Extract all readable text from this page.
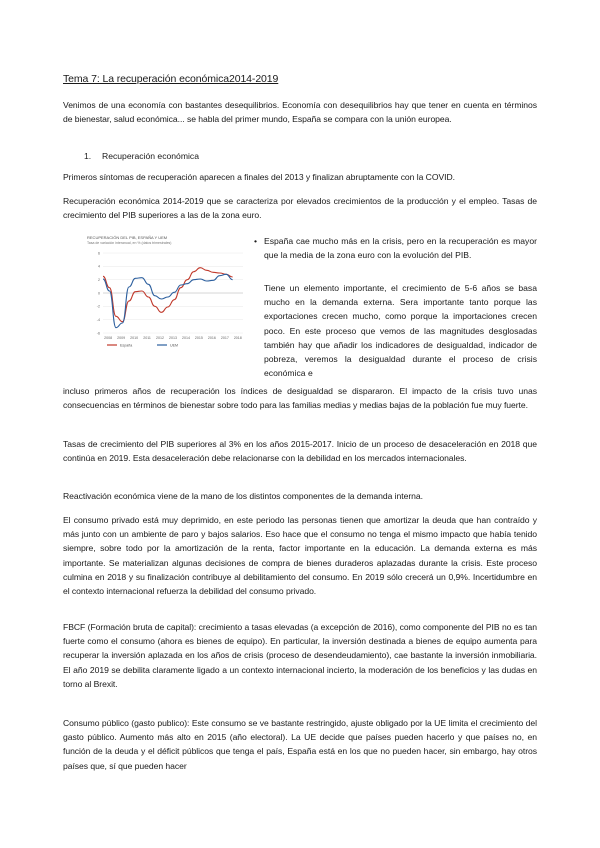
Tema 7: La recuperación económica2014-2019
Venimos de una economía con bastantes desequilibrios. Economía con desequilibrios hay que tener en cuenta en términos de bienestar, salud económica... se habla del primer mundo, España se compara con la unión europea.
1. Recuperación económica
Primeros síntomas de recuperación aparecen a finales del 2013 y finalizan abruptamente con la COVID.
Recuperación económica 2014-2019 que se caracteriza por elevados crecimientos de la producción y el empleo. Tasas de crecimiento del PIB superiores a las de la zona euro.
RECUPERACIÓN DEL PIB, ESPAÑA Y UEM
Tasa de variación interanual, en % (datos trimestrales)
6
4
2
0
-2
-4
-6
2008 2009 2010 2011 2012 2013 2014 2015 2016 2017 2018
España	UEM
• España cae mucho más en la crisis, pero en la recuperación es mayor que la media de la zona euro con la evolución del PIB.
Tiene un elemento importante, el crecimiento de 5-6 años se basa mucho en la demanda externa. Sera importante tanto porque las exportaciones crecen mucho, como porque la importaciones crecen poco. En este proceso que vemos de las magnitudes desglosadas también hay que añadir los indicadores de desigualdad, indicador de pobreza, veremos la desigualdad durante el proceso de crisis económica e
incluso primeros años de recuperación los índices de desigualdad se dispararon. El impacto de la crisis tuvo unas consecuencias en términos de bienestar sobre todo para las familias medias y medias bajas de la población fue muy fuerte.
Tasas de crecimiento del PIB superiores al 3% en los años 2015-2017. Inicio de un proceso de desaceleración en 2018 que continúa en 2019. Esta desaceleración debe relacionarse con la debilidad en los mercados internacionales.
Reactivación económica viene de la mano de los distintos componentes de la demanda interna.
El consumo privado está muy deprimido, en este periodo las personas tienen que amortizar la deuda que han contraído y más junto con un ambiente de paro y bajos salarios. Eso hace que el consumo no tenga el mismo impacto que había tenido siempre, sobre todo por la amortización de la renta, factor importante en la educación. La demanda externa es más importante. Se materializan algunas decisiones de compra de bienes duraderos aplazadas durante la crisis. Este proceso culmina en 2018 y su finalización contribuye al debilitamiento del consumo. En 2019 sólo crecerá un 0,9%. Incertidumbre en el contexto internacional refuerza la debilidad del consumo privado.
FBCF (Formación bruta de capital): crecimiento a tasas elevadas (a excepción de 2016), como componente del PIB no es tan fuerte como el consumo (ahora es bienes de equipo). En particular, la inversión destinada a bienes de equipo aumenta para recuperar la inversión aplazada en los años de crisis (proceso de desendeudamiento), cae bastante la inversión inmobiliaria. El año 2019 se debilita claramente ligado a un contexto internacional incierto, la moderación de los beneficios y las dudas en torno al Brexit.
Consumo público (gasto publico): Este consumo se ve bastante restringido, ajuste obligado por la UE limita el crecimiento del gasto público. Aumento más alto en 2015 (año electoral). La UE decide que países pueden hacerlo y que países no, en función de la deuda y el déficit públicos que tenga el país, España está en los que no pueden hacer, sin embargo, hay otros países que, sí que pueden hacer
